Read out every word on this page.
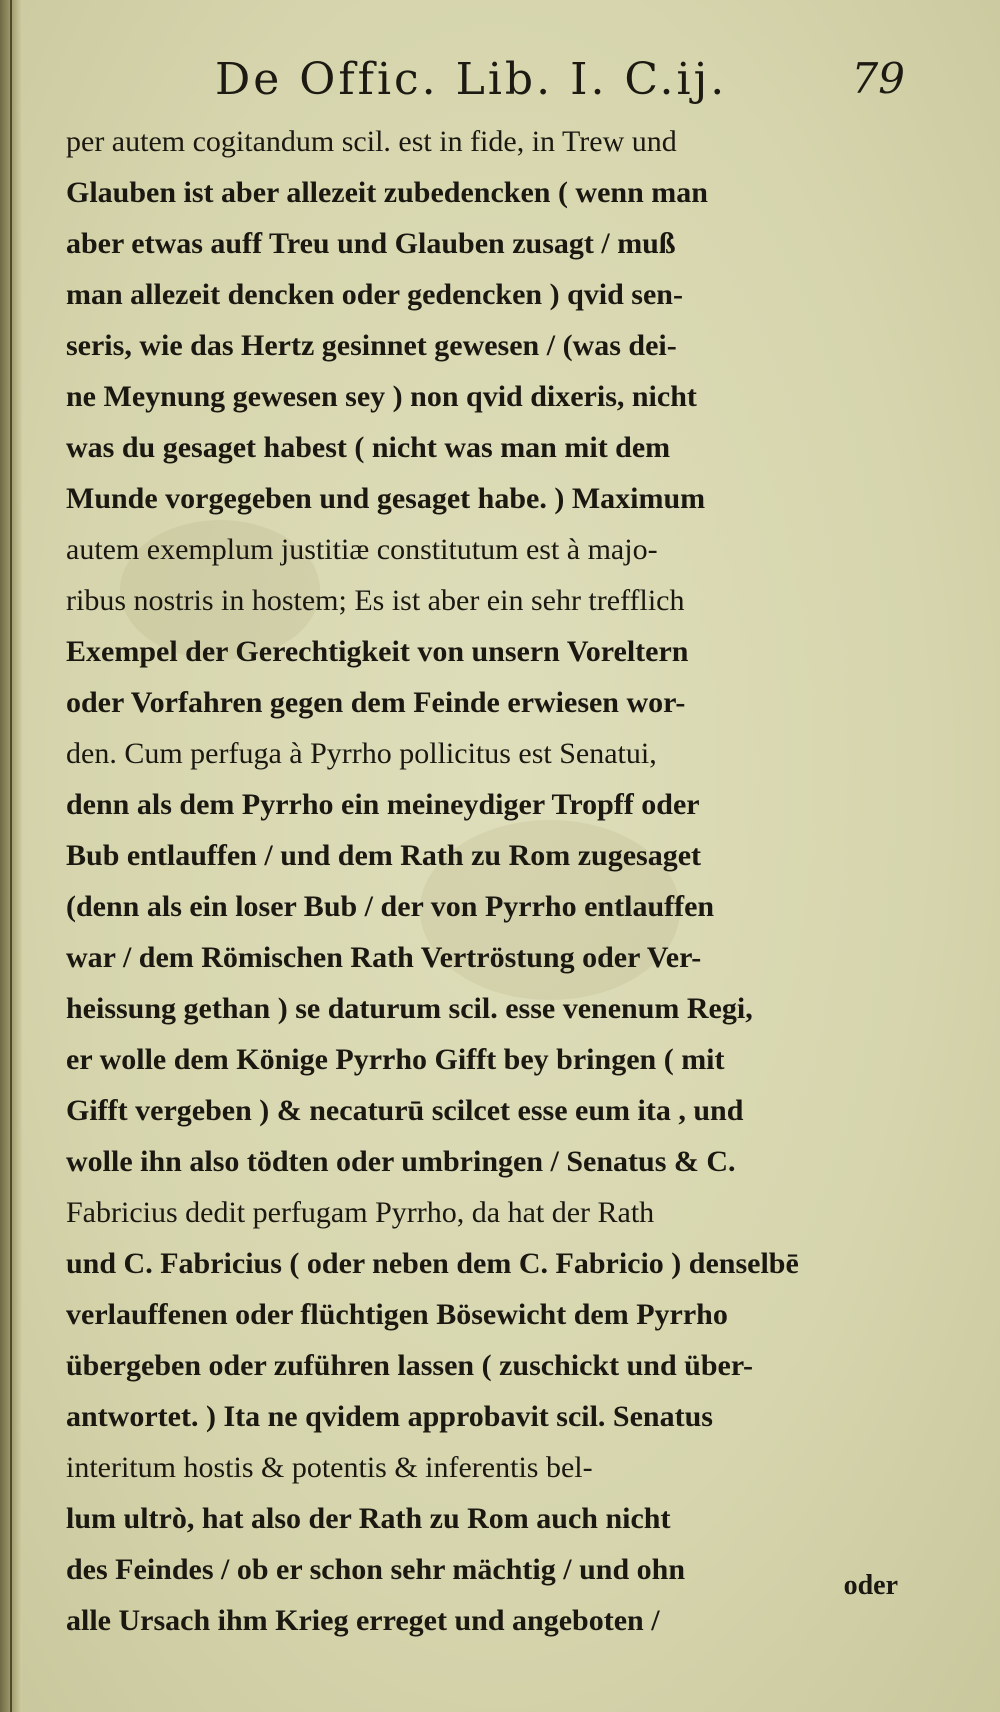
De Offic. Lib. I. C.ij.	79
per autem cogitandum scil. est in fide, in Trew und
Glauben ist aber allezeit zubedencken ( wenn man
aber etwas auff Treu und Glauben zusagt / muß
man allezeit dencken oder gedencken ) qvid sen-
seris, wie das Hertz gesinnet gewesen / (was dei-
ne Meynung gewesen sey ) non qvid dixeris, nicht
was du gesaget habest ( nicht was man mit dem
Munde vorgegeben und gesaget habe. ) Maximum
autem exemplum justitiæ constitutum est à majo-
ribus nostris in hostem; Es ist aber ein sehr trefflich
Exempel der Gerechtigkeit von unsern Voreltern
oder Vorfahren gegen dem Feinde erwiesen wor-
den. Cum perfuga à Pyrrho pollicitus est Senatui,
denn als dem Pyrrho ein meineydiger Tropff oder
Bub entlauffen / und dem Rath zu Rom zugesaget
(denn als ein loser Bub / der von Pyrrho entlauffen
war / dem Römischen Rath Vertröstung oder Ver-
heissung gethan ) se daturum scil. esse venenum Regi,
er wolle dem Könige Pyrrho Gifft bey bringen ( mit
Gifft vergeben ) & necaturū scilcet esse eum ita , und
wolle ihn also tödten oder umbringen / Senatus & C.
Fabricius dedit perfugam Pyrrho, da hat der Rath
und C. Fabricius ( oder neben dem C. Fabricio ) denselbē
verlauffenen oder flüchtigen Bösewicht dem Pyrrho
übergeben oder zuführen lassen ( zuschickt und über-
antwortet. ) Ita ne qvidem approbavit scil. Senatus
interitum hostis & potentis & inferentis bel-
lum ultrò, hat also der Rath zu Rom auch nicht
des Feindes / ob er schon sehr mächtig / und ohn
alle Ursach ihm Krieg erreget und angeboten /
oder
